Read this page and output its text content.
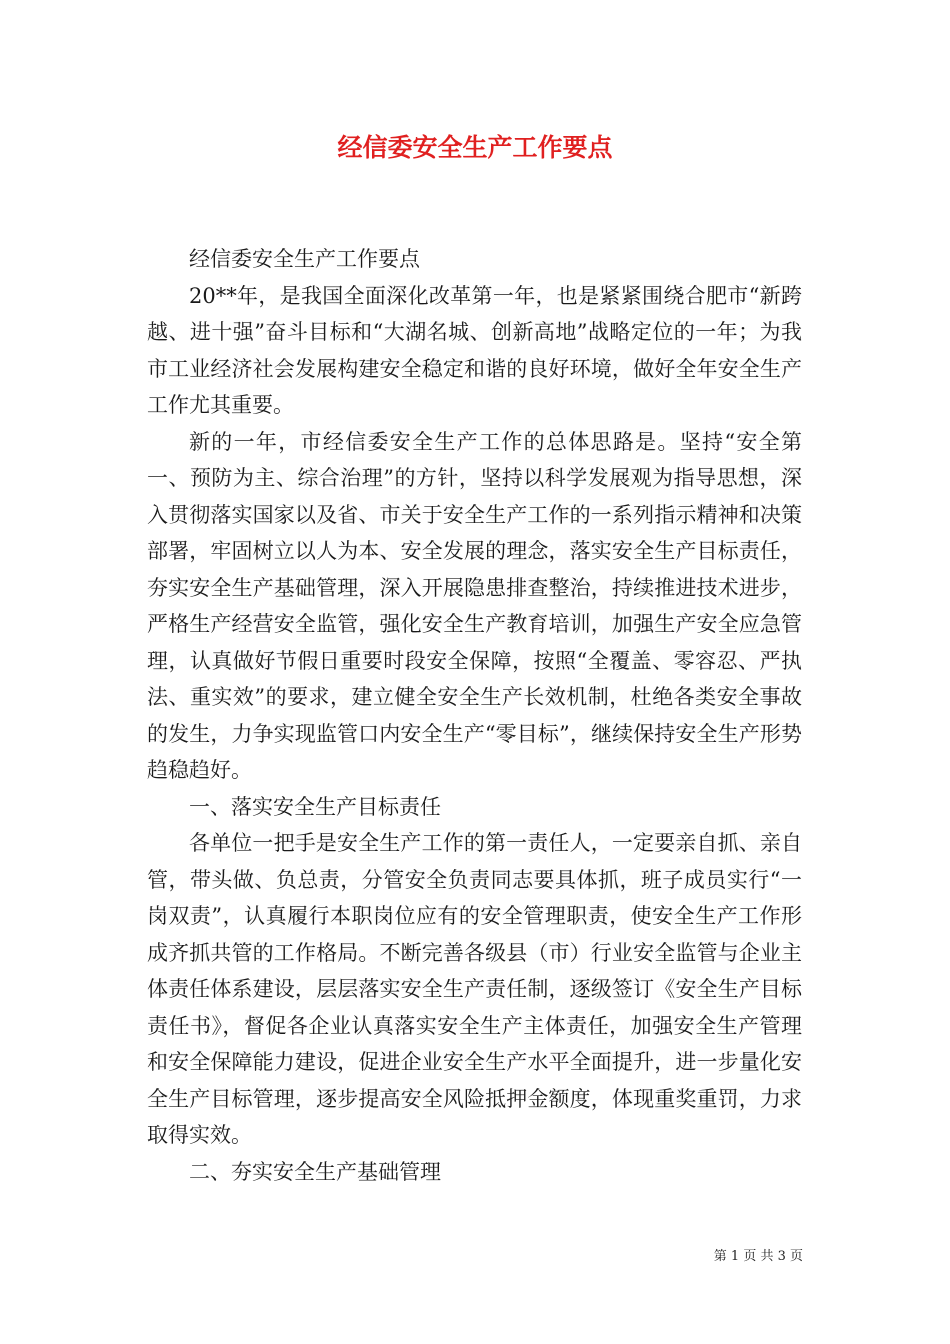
经信委安全生产工作要点

经信委安全生产工作要点

20**年，是我国全面深化改革第一年，也是紧紧围绕合肥市“新跨越、进十强”奋斗目标和“大湖名城、创新高地”战略定位的一年；为我市工业经济社会发展构建安全稳定和谐的良好环境，做好全年安全生产工作尤其重要。

新的一年，市经信委安全生产工作的总体思路是。坚持“安全第一、预防为主、综合治理”的方针，坚持以科学发展观为指导思想，深入贯彻落实国家以及省、市关于安全生产工作的一系列指示精神和决策部署，牢固树立以人为本、安全发展的理念，落实安全生产目标责任，夯实安全生产基础管理，深入开展隐患排查整治，持续推进技术进步，严格生产经营安全监管，强化安全生产教育培训，加强生产安全应急管理，认真做好节假日重要时段安全保障，按照“全覆盖、零容忍、严执法、重实效”的要求，建立健全安全生产长效机制，杜绝各类安全事故的发生，力争实现监管口内安全生产“零目标”，继续保持安全生产形势趋稳趋好。

一、落实安全生产目标责任

各单位一把手是安全生产工作的第一责任人，一定要亲自抓、亲自管，带头做、负总责，分管安全负责同志要具体抓，班子成员实行“一岗双责”，认真履行本职岗位应有的安全管理职责，使安全生产工作形成齐抓共管的工作格局。不断完善各级县（市）行业安全监管与企业主体责任体系建设，层层落实安全生产责任制，逐级签订《安全生产目标责任书》，督促各企业认真落实安全生产主体责任，加强安全生产管理和安全保障能力建设，促进企业安全生产水平全面提升，进一步量化安全生产目标管理，逐步提高安全风险抵押金额度，体现重奖重罚，力求取得实效。

二、夯实安全生产基础管理

第 1 页 共 3 页
